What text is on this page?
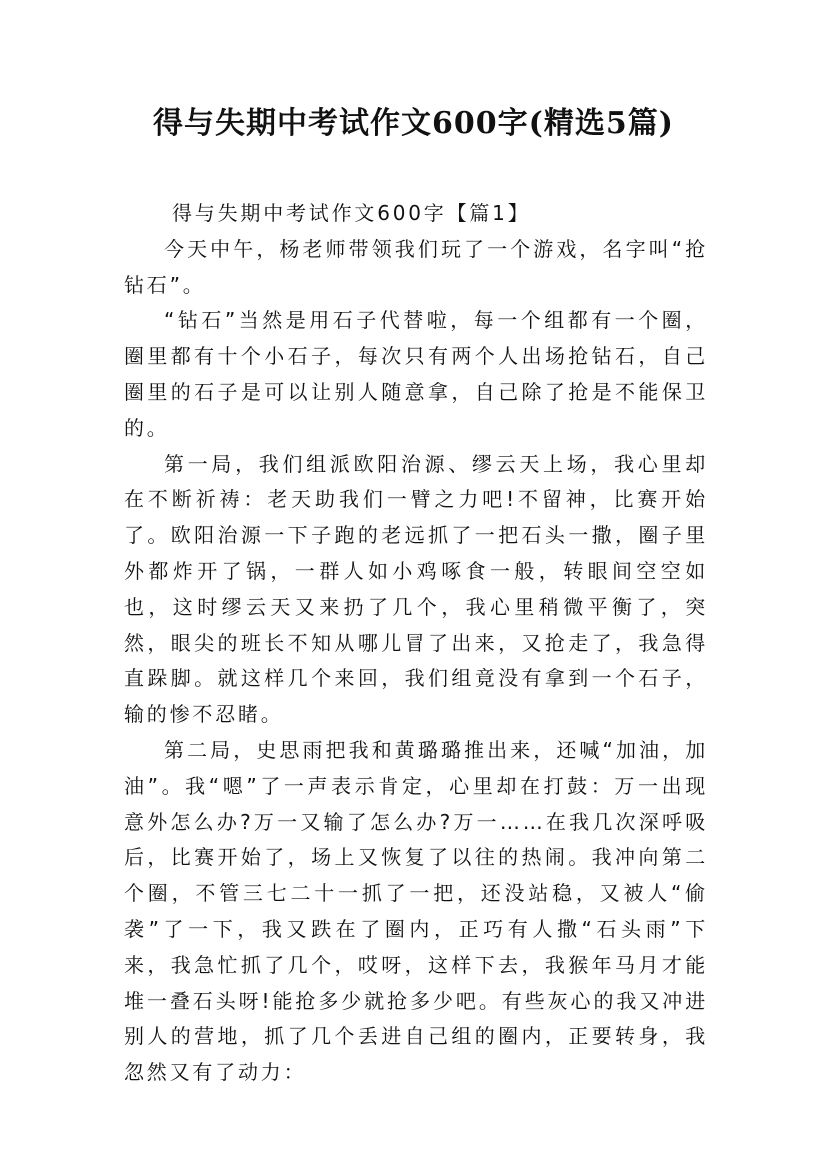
得与失期中考试作文600字(精选5篇)

得与失期中考试作文600字【篇1】

今天中午，杨老师带领我们玩了一个游戏，名字叫“抢钻石”。

“钻石”当然是用石子代替啦，每一个组都有一个圈，圈里都有十个小石子，每次只有两个人出场抢钻石，自己圈里的石子是可以让别人随意拿，自己除了抢是不能保卫的。

第一局，我们组派欧阳治源、缪云天上场，我心里却在不断祈祷：老天助我们一臂之力吧!不留神，比赛开始了。欧阳治源一下子跑的老远抓了一把石头一撒，圈子里外都炸开了锅，一群人如小鸡啄食一般，转眼间空空如也，这时缪云天又来扔了几个，我心里稍微平衡了，突然，眼尖的班长不知从哪儿冒了出来，又抢走了，我急得直跺脚。就这样几个来回，我们组竟没有拿到一个石子，输的惨不忍睹。

第二局，史思雨把我和黄璐璐推出来，还喊“加油，加油”。我“嗯”了一声表示肯定，心里却在打鼓：万一出现意外怎么办?万一又输了怎么办?万一……在我几次深呼吸后，比赛开始了，场上又恢复了以往的热闹。我冲向第二个圈，不管三七二十一抓了一把，还没站稳，又被人“偷袭”了一下，我又跌在了圈内，正巧有人撒“石头雨”下来，我急忙抓了几个，哎呀，这样下去，我猴年马月才能堆一叠石头呀!能抢多少就抢多少吧。有些灰心的我又冲进别人的营地，抓了几个丢进自己组的圈内，正要转身，我忽然又有了动力：
